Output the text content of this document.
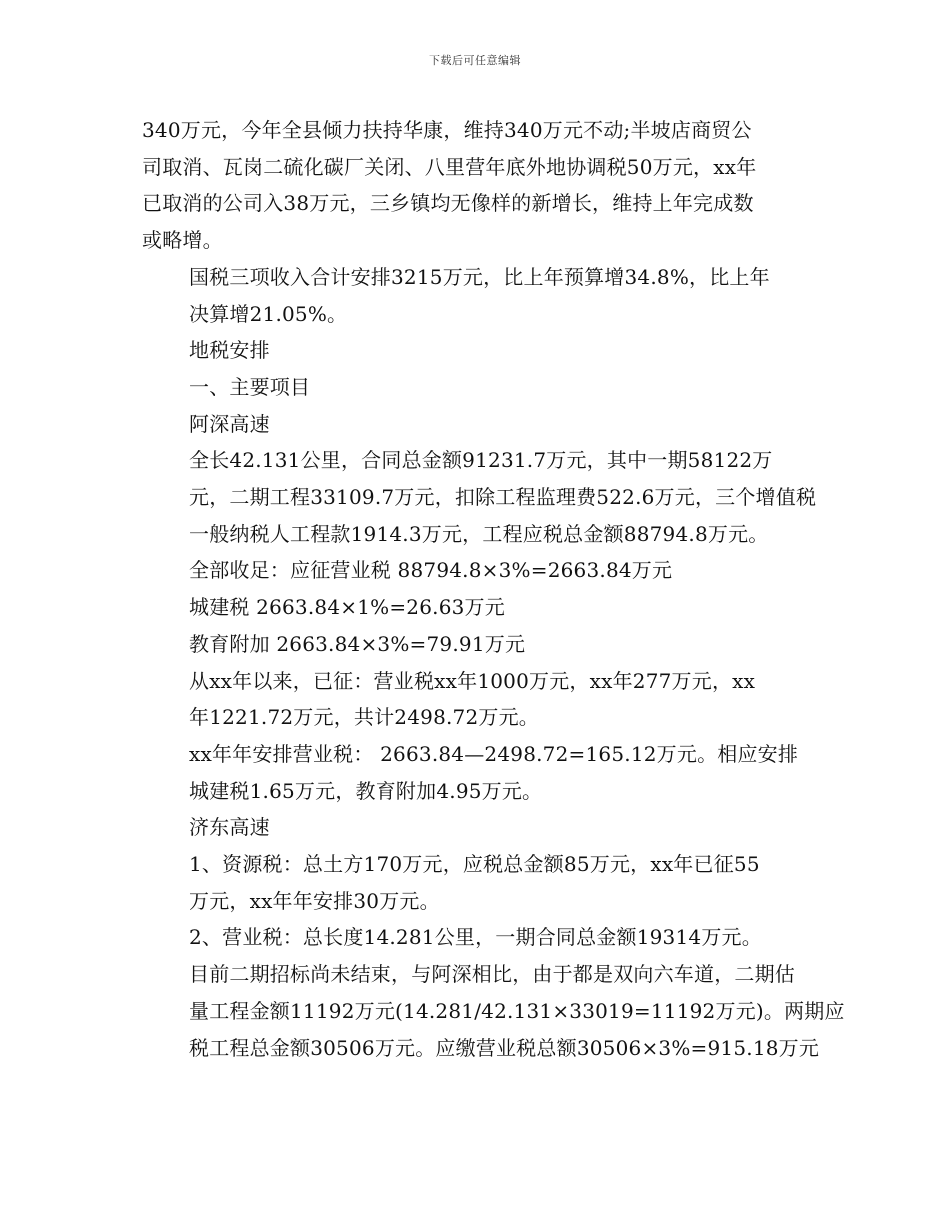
下载后可任意编辑
340万元，今年全县倾力扶持华康，维持340万元不动;半坡店商贸公
司取消、瓦岗二硫化碳厂关闭、八里营年底外地协调税50万元，xx年
已取消的公司入38万元，三乡镇均无像样的新增长，维持上年完成数
或略增。
国税三项收入合计安排3215万元，比上年预算增34.8%，比上年
决算增21.05%。
地税安排
一、主要项目
阿深高速
全长42.131公里，合同总金额91231.7万元，其中一期58122万
元，二期工程33109.7万元，扣除工程监理费522.6万元，三个增值税
一般纳税人工程款1914.3万元，工程应税总金额88794.8万元。
全部收足：应征营业税 88794.8×3%=2663.84万元
城建税 2663.84×1%=26.63万元
教育附加 2663.84×3%=79.91万元
从xx年以来，已征：营业税xx年1000万元，xx年277万元，xx
年1221.72万元，共计2498.72万元。
xx年年安排营业税： 2663.84—2498.72=165.12万元。相应安排
城建税1.65万元，教育附加4.95万元。
济东高速
1、资源税：总土方170万元，应税总金额85万元，xx年已征55
万元，xx年年安排30万元。
2、营业税：总长度14.281公里，一期合同总金额19314万元。
目前二期招标尚未结束，与阿深相比，由于都是双向六车道，二期估
量工程金额11192万元(14.281/42.131×33019=11192万元)。两期应
税工程总金额30506万元。应缴营业税总额30506×3%=915.18万元
